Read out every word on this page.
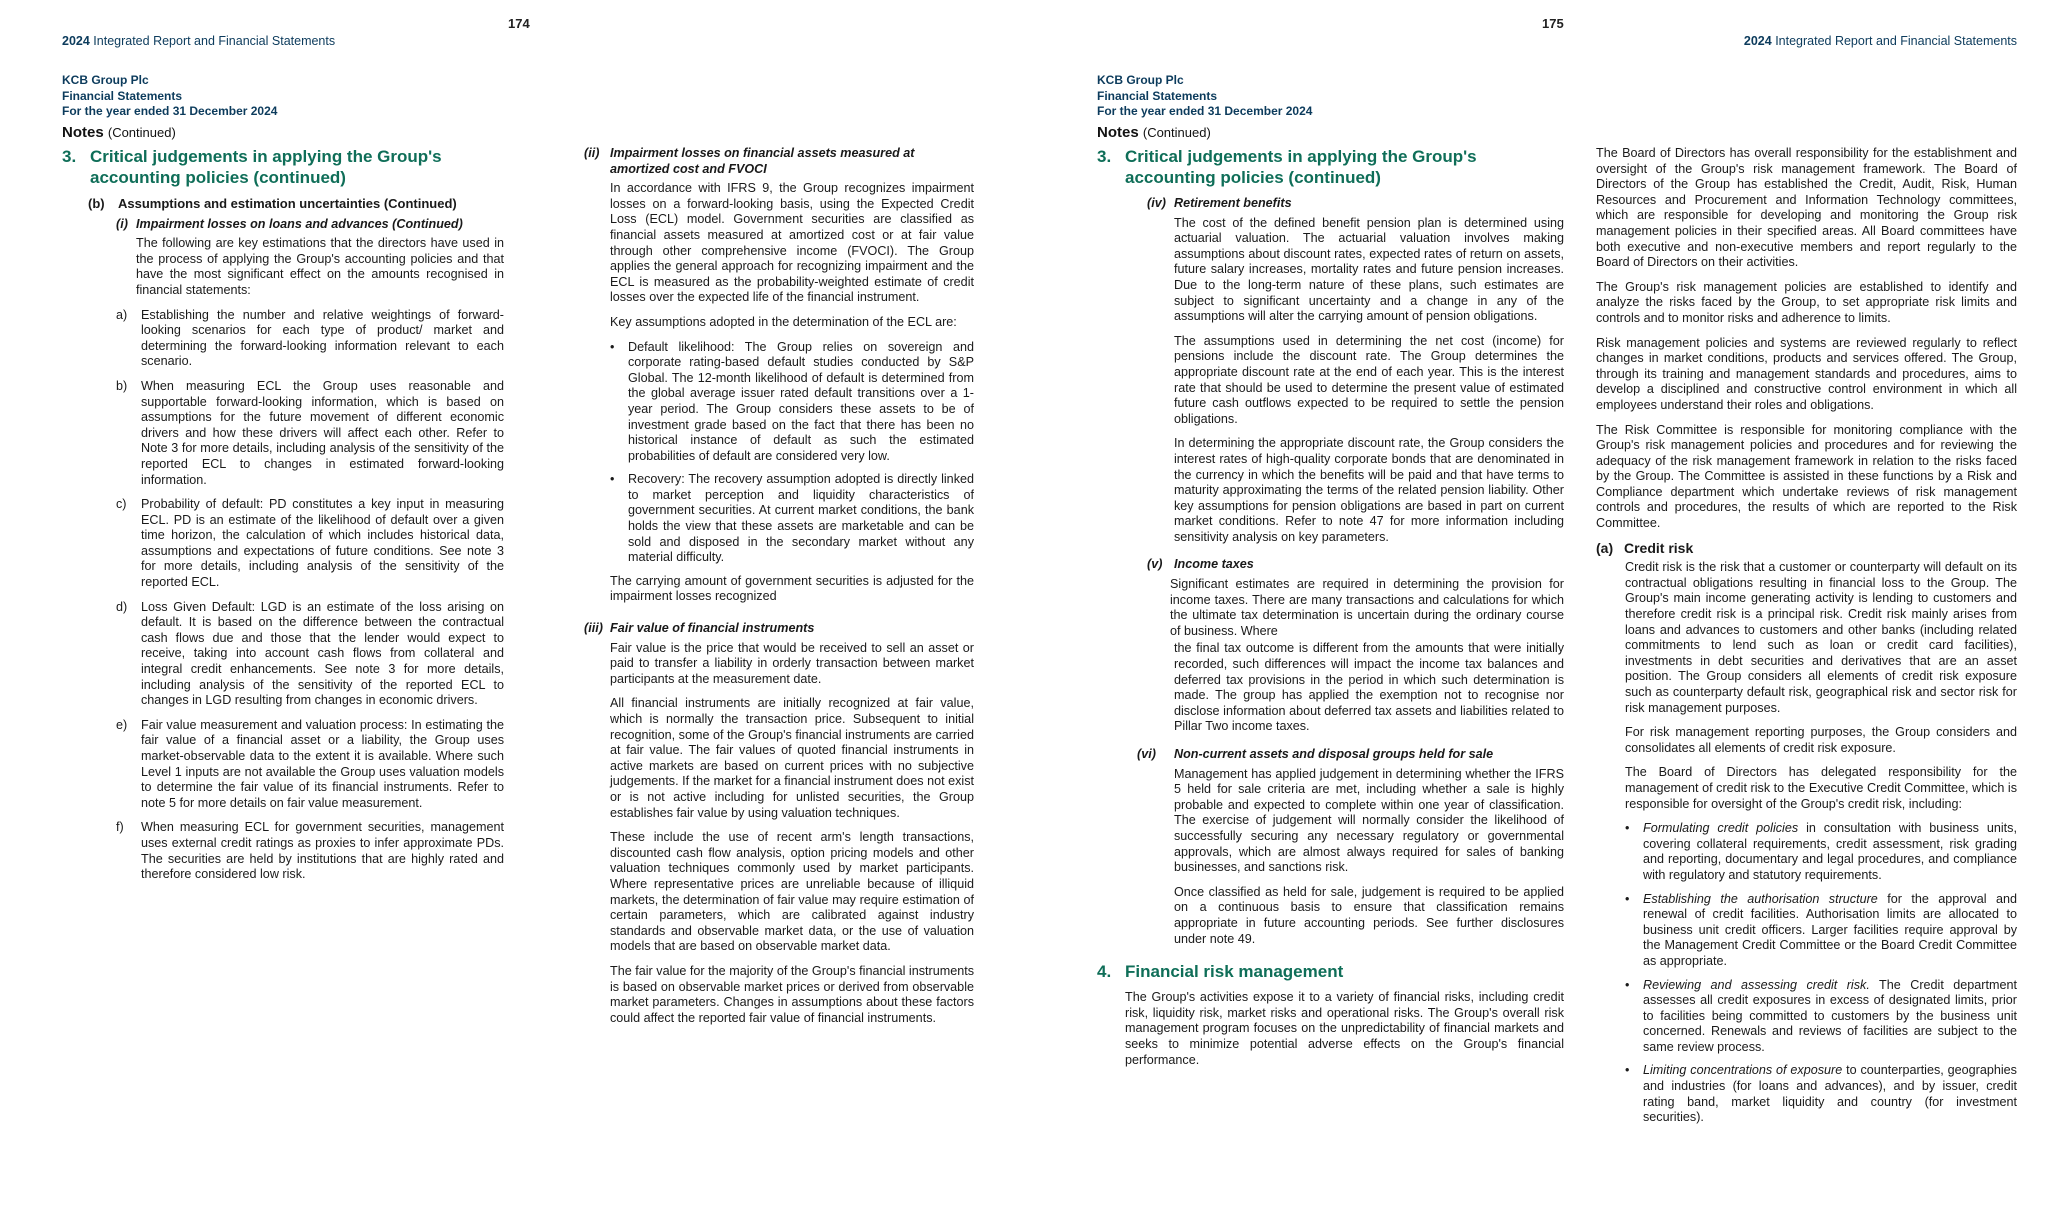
174
2024 Integrated Report and Financial Statements
KCB Group Plc
Financial Statements
For the year ended 31 December 2024
Notes (Continued)
3. Critical judgements in applying the Group's accounting policies (continued)
(b)	Assumptions and estimation uncertainties (Continued)
(i) Impairment losses on loans and advances (Continued)

The following are key estimations that the directors have used in the process of applying the Group's accounting policies and that have the most significant effect on the amounts recognised in financial statements:

a)	Establishing the number and relative weightings of forward-looking scenarios for each type of product/ market and determining the forward-looking information relevant to each scenario.
b)	When measuring ECL the Group uses reasonable and supportable forward-looking information, which is based on assumptions for the future movement of different economic drivers and how these drivers will affect each other. Refer to Note 3 for more details, including analysis of the sensitivity of the reported ECL to changes in estimated forward-looking information.
c)	Probability of default: PD constitutes a key input in measuring ECL. PD is an estimate of the likelihood of default over a given time horizon, the calculation of which includes historical data, assumptions and expectations of future conditions. See note 3 for more details, including analysis of the sensitivity of the reported ECL.
d)	Loss Given Default: LGD is an estimate of the loss arising on default. It is based on the difference between the contractual cash flows due and those that the lender would expect to receive, taking into account cash flows from collateral and integral credit enhancements. See note 3 for more details, including analysis of the sensitivity of the reported ECL to changes in LGD resulting from changes in economic drivers.
e)	Fair value measurement and valuation process: In estimating the fair value of a financial asset or a liability, the Group uses market-observable data to the extent it is available. Where such Level 1 inputs are not available the Group uses valuation models to determine the fair value of its financial instruments. Refer to note 5 for more details on fair value measurement.
f)	When measuring ECL for government securities, management uses external credit ratings as proxies to infer approximate PDs. The securities are held by institutions that are highly rated and therefore considered low risk.
(ii) Impairment losses on financial assets measured at amortized cost and FVOCI

In accordance with IFRS 9, the Group recognizes impairment losses on a forward-looking basis, using the Expected Credit Loss (ECL) model. Government securities are classified as financial assets measured at amortized cost or at fair value through other comprehensive income (FVOCI). The Group applies the general approach for recognizing impairment and the ECL is measured as the probability-weighted estimate of credit losses over the expected life of the financial instrument.

Key assumptions adopted in the determination of the ECL are:

•	Default likelihood: The Group relies on sovereign and corporate rating-based default studies conducted by S&P Global. The 12-month likelihood of default is determined from the global average issuer rated default transitions over a 1-year period. The Group considers these assets to be of investment grade based on the fact that there has been no historical instance of default as such the estimated probabilities of default are considered very low.
•	Recovery: The recovery assumption adopted is directly linked to market perception and liquidity characteristics of government securities. At current market conditions, the bank holds the view that these assets are marketable and can be sold and disposed in the secondary market without any material difficulty.

The carrying amount of government securities is adjusted for the impairment losses recognized

(iii) Fair value of financial instruments

Fair value is the price that would be received to sell an asset or paid to transfer a liability in orderly transaction between market participants at the measurement date.

All financial instruments are initially recognized at fair value, which is normally the transaction price. Subsequent to initial recognition, some of the Group's financial instruments are carried at fair value. The fair values of quoted financial instruments in active markets are based on current prices with no subjective judgements. If the market for a financial instrument does not exist or is not active including for unlisted securities, the Group establishes fair value by using valuation techniques.

These include the use of recent arm's length transactions, discounted cash flow analysis, option pricing models and other valuation techniques commonly used by market participants. Where representative prices are unreliable because of illiquid markets, the determination of fair value may require estimation of certain parameters, which are calibrated against industry standards and observable market data, or the use of valuation models that are based on observable market data.

The fair value for the majority of the Group's financial instruments is based on observable market prices or derived from observable market parameters. Changes in assumptions about these factors could affect the reported fair value of financial instruments.

175
2024 Integrated Report and Financial Statements
KCB Group Plc
Financial Statements
For the year ended 31 December 2024
Notes (Continued)
3. Critical judgements in applying the Group's accounting policies (continued)
(iv) Retirement benefits

The cost of the defined benefit pension plan is determined using actuarial valuation. The actuarial valuation involves making assumptions about discount rates, expected rates of return on assets, future salary increases, mortality rates and future pension increases. Due to the long-term nature of these plans, such estimates are subject to significant uncertainty and a change in any of the assumptions will alter the carrying amount of pension obligations.

The assumptions used in determining the net cost (income) for pensions include the discount rate. The Group determines the appropriate discount rate at the end of each year. This is the interest rate that should be used to determine the present value of estimated future cash outflows expected to be required to settle the pension obligations.

In determining the appropriate discount rate, the Group considers the interest rates of high-quality corporate bonds that are denominated in the currency in which the benefits will be paid and that have terms to maturity approximating the terms of the related pension liability. Other key assumptions for pension obligations are based in part on current market conditions. Refer to note 47 for more information including sensitivity analysis on key parameters.

(v) Income taxes

Significant estimates are required in determining the provision for income taxes. There are many transactions and calculations for which the ultimate tax determination is uncertain during the ordinary course of business. Where

the final tax outcome is different from the amounts that were initially recorded, such differences will impact the income tax balances and deferred tax provisions in the period in which such determination is made. The group has applied the exemption not to recognise nor disclose information about deferred tax assets and liabilities related to Pillar Two income taxes.

(vi)	Non-current assets and disposal groups held for sale

Management has applied judgement in determining whether the IFRS 5 held for sale criteria are met, including whether a sale is highly probable and expected to complete within one year of classification. The exercise of judgement will normally consider the likelihood of successfully securing any necessary regulatory or governmental approvals, which are almost always required for sales of banking businesses, and sanctions risk.

Once classified as held for sale, judgement is required to be applied on a continuous basis to ensure that classification remains appropriate in future accounting periods. See further disclosures under note 49.

4. Financial risk management

The Group's activities expose it to a variety of financial risks, including credit risk, liquidity risk, market risks and operational risks. The Group's overall risk management program focuses on the unpredictability of financial markets and seeks to minimize potential adverse effects on the Group's financial performance.

The Board of Directors has overall responsibility for the establishment and oversight of the Group's risk management framework. The Board of Directors of the Group has established the Credit, Audit, Risk, Human Resources and Procurement and Information Technology committees, which are responsible for developing and monitoring the Group risk management policies in their specified areas. All Board committees have both executive and non-executive members and report regularly to the Board of Directors on their activities.

The Group's risk management policies are established to identify and analyze the risks faced by the Group, to set appropriate risk limits and controls and to monitor risks and adherence to limits.

Risk management policies and systems are reviewed regularly to reflect changes in market conditions, products and services offered. The Group, through its training and management standards and procedures, aims to develop a disciplined and constructive control environment in which all employees understand their roles and obligations.

The Risk Committee is responsible for monitoring compliance with the Group's risk management policies and procedures and for reviewing the adequacy of the risk management framework in relation to the risks faced by the Group. The Committee is assisted in these functions by a Risk and Compliance department which undertake reviews of risk management controls and procedures, the results of which are reported to the Risk Committee.

(a) Credit risk

Credit risk is the risk that a customer or counterparty will default on its contractual obligations resulting in financial loss to the Group. The Group's main income generating activity is lending to customers and therefore credit risk is a principal risk. Credit risk mainly arises from loans and advances to customers and other banks (including related commitments to lend such as loan or credit card facilities), investments in debt securities and derivatives that are an asset position. The Group considers all elements of credit risk exposure such as counterparty default risk, geographical risk and sector risk for risk management purposes.

For risk management reporting purposes, the Group considers and consolidates all elements of credit risk exposure.

The Board of Directors has delegated responsibility for the management of credit risk to the Executive Credit Committee, which is responsible for oversight of the Group's credit risk, including:

•	Formulating credit policies in consultation with business units, covering collateral requirements, credit assessment, risk grading and reporting, documentary and legal procedures, and compliance with regulatory and statutory requirements.
•	Establishing the authorisation structure for the approval and renewal of credit facilities. Authorisation limits are allocated to business unit credit officers. Larger facilities require approval by the Management Credit Committee or the Board Credit Committee as appropriate.
•	Reviewing and assessing credit risk. The Credit department assesses all credit exposures in excess of designated limits, prior to facilities being committed to customers by the business unit concerned. Renewals and reviews of facilities are subject to the same review process.
•	Limiting concentrations of exposure to counterparties, geographies and industries (for loans and advances), and by issuer, credit rating band, market liquidity and country (for investment securities).
